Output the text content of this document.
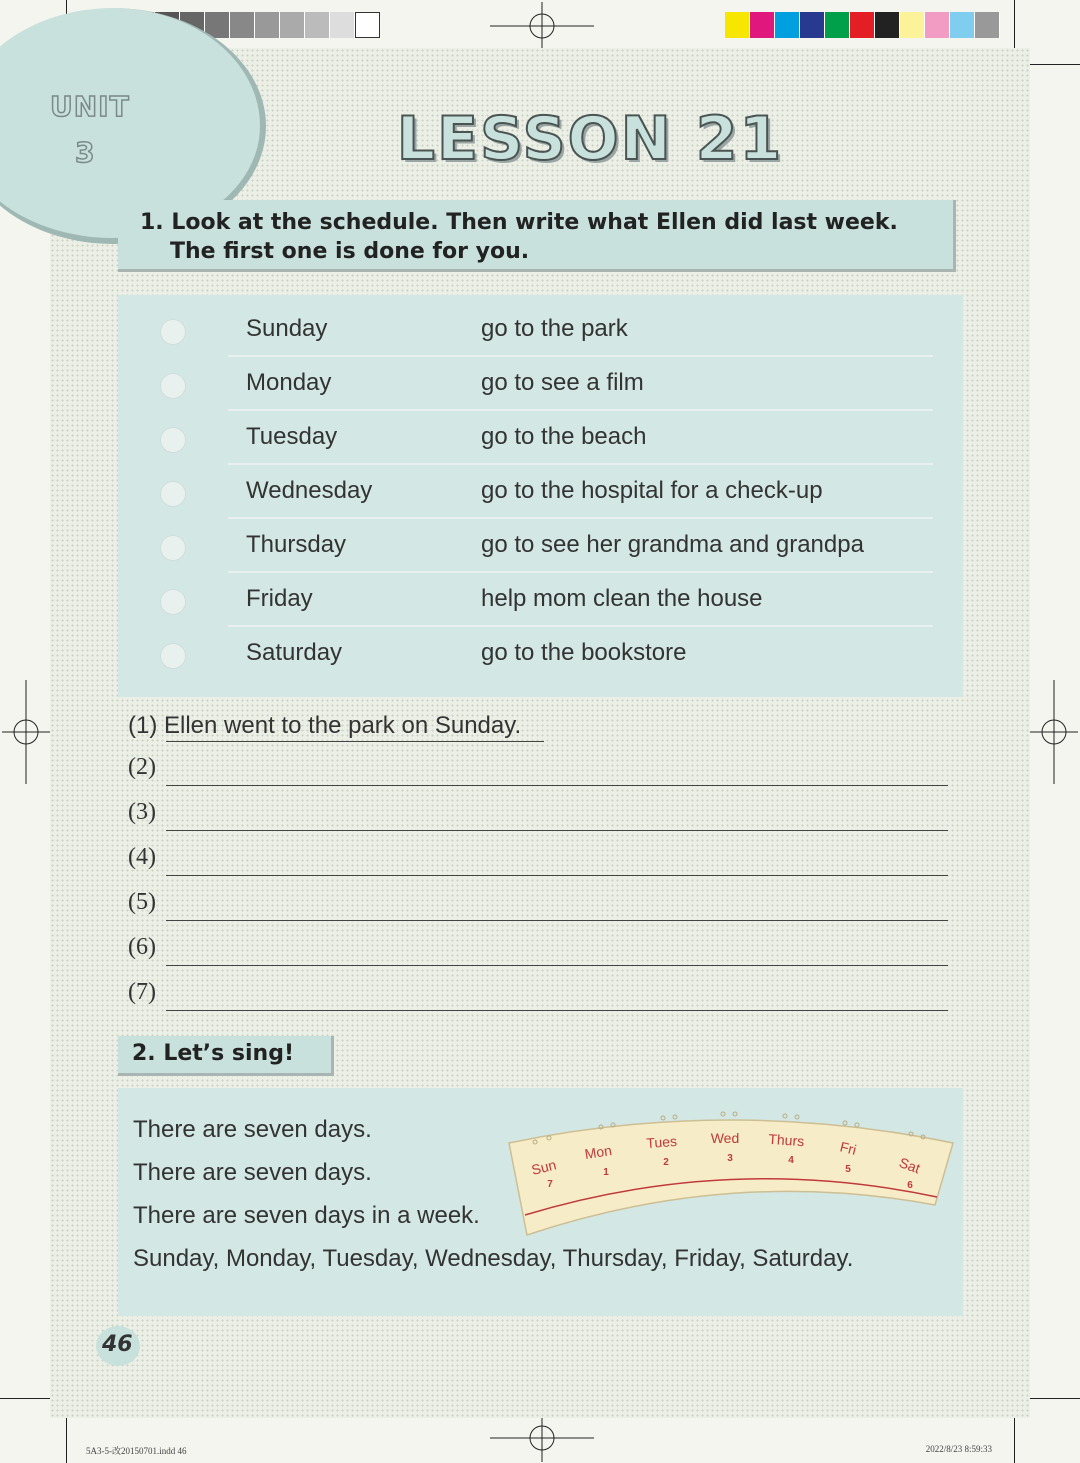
UNIT
3	LESSON 21
1. Look at the schedule. Then write what Ellen did last week.
The first one is done for you.
Sunday	go to the park
Monday	go to see a film
Tuesday	go to the beach
Wednesday	go to the hospital for a check-up
Thursday	go to see her grandma and grandpa
Friday	help mom clean the house
Saturday	go to the bookstore
(1) Ellen went to the park on Sunday.
(2)
(3)
(4)
(5)
(6)
(7)
2. Let’s sing!
There are seven days.
There are seven days.
There are seven days in a week.
Sunday, Monday, Tuesday, Wednesday, Thursday, Friday, Saturday.
Sun
7
Mon
1
Tues
2
Wed
3
Thurs
4
Fri
5	Sat
6
46
5A3-5-改20150701.indd 46	2022/8/23 8:59:33
